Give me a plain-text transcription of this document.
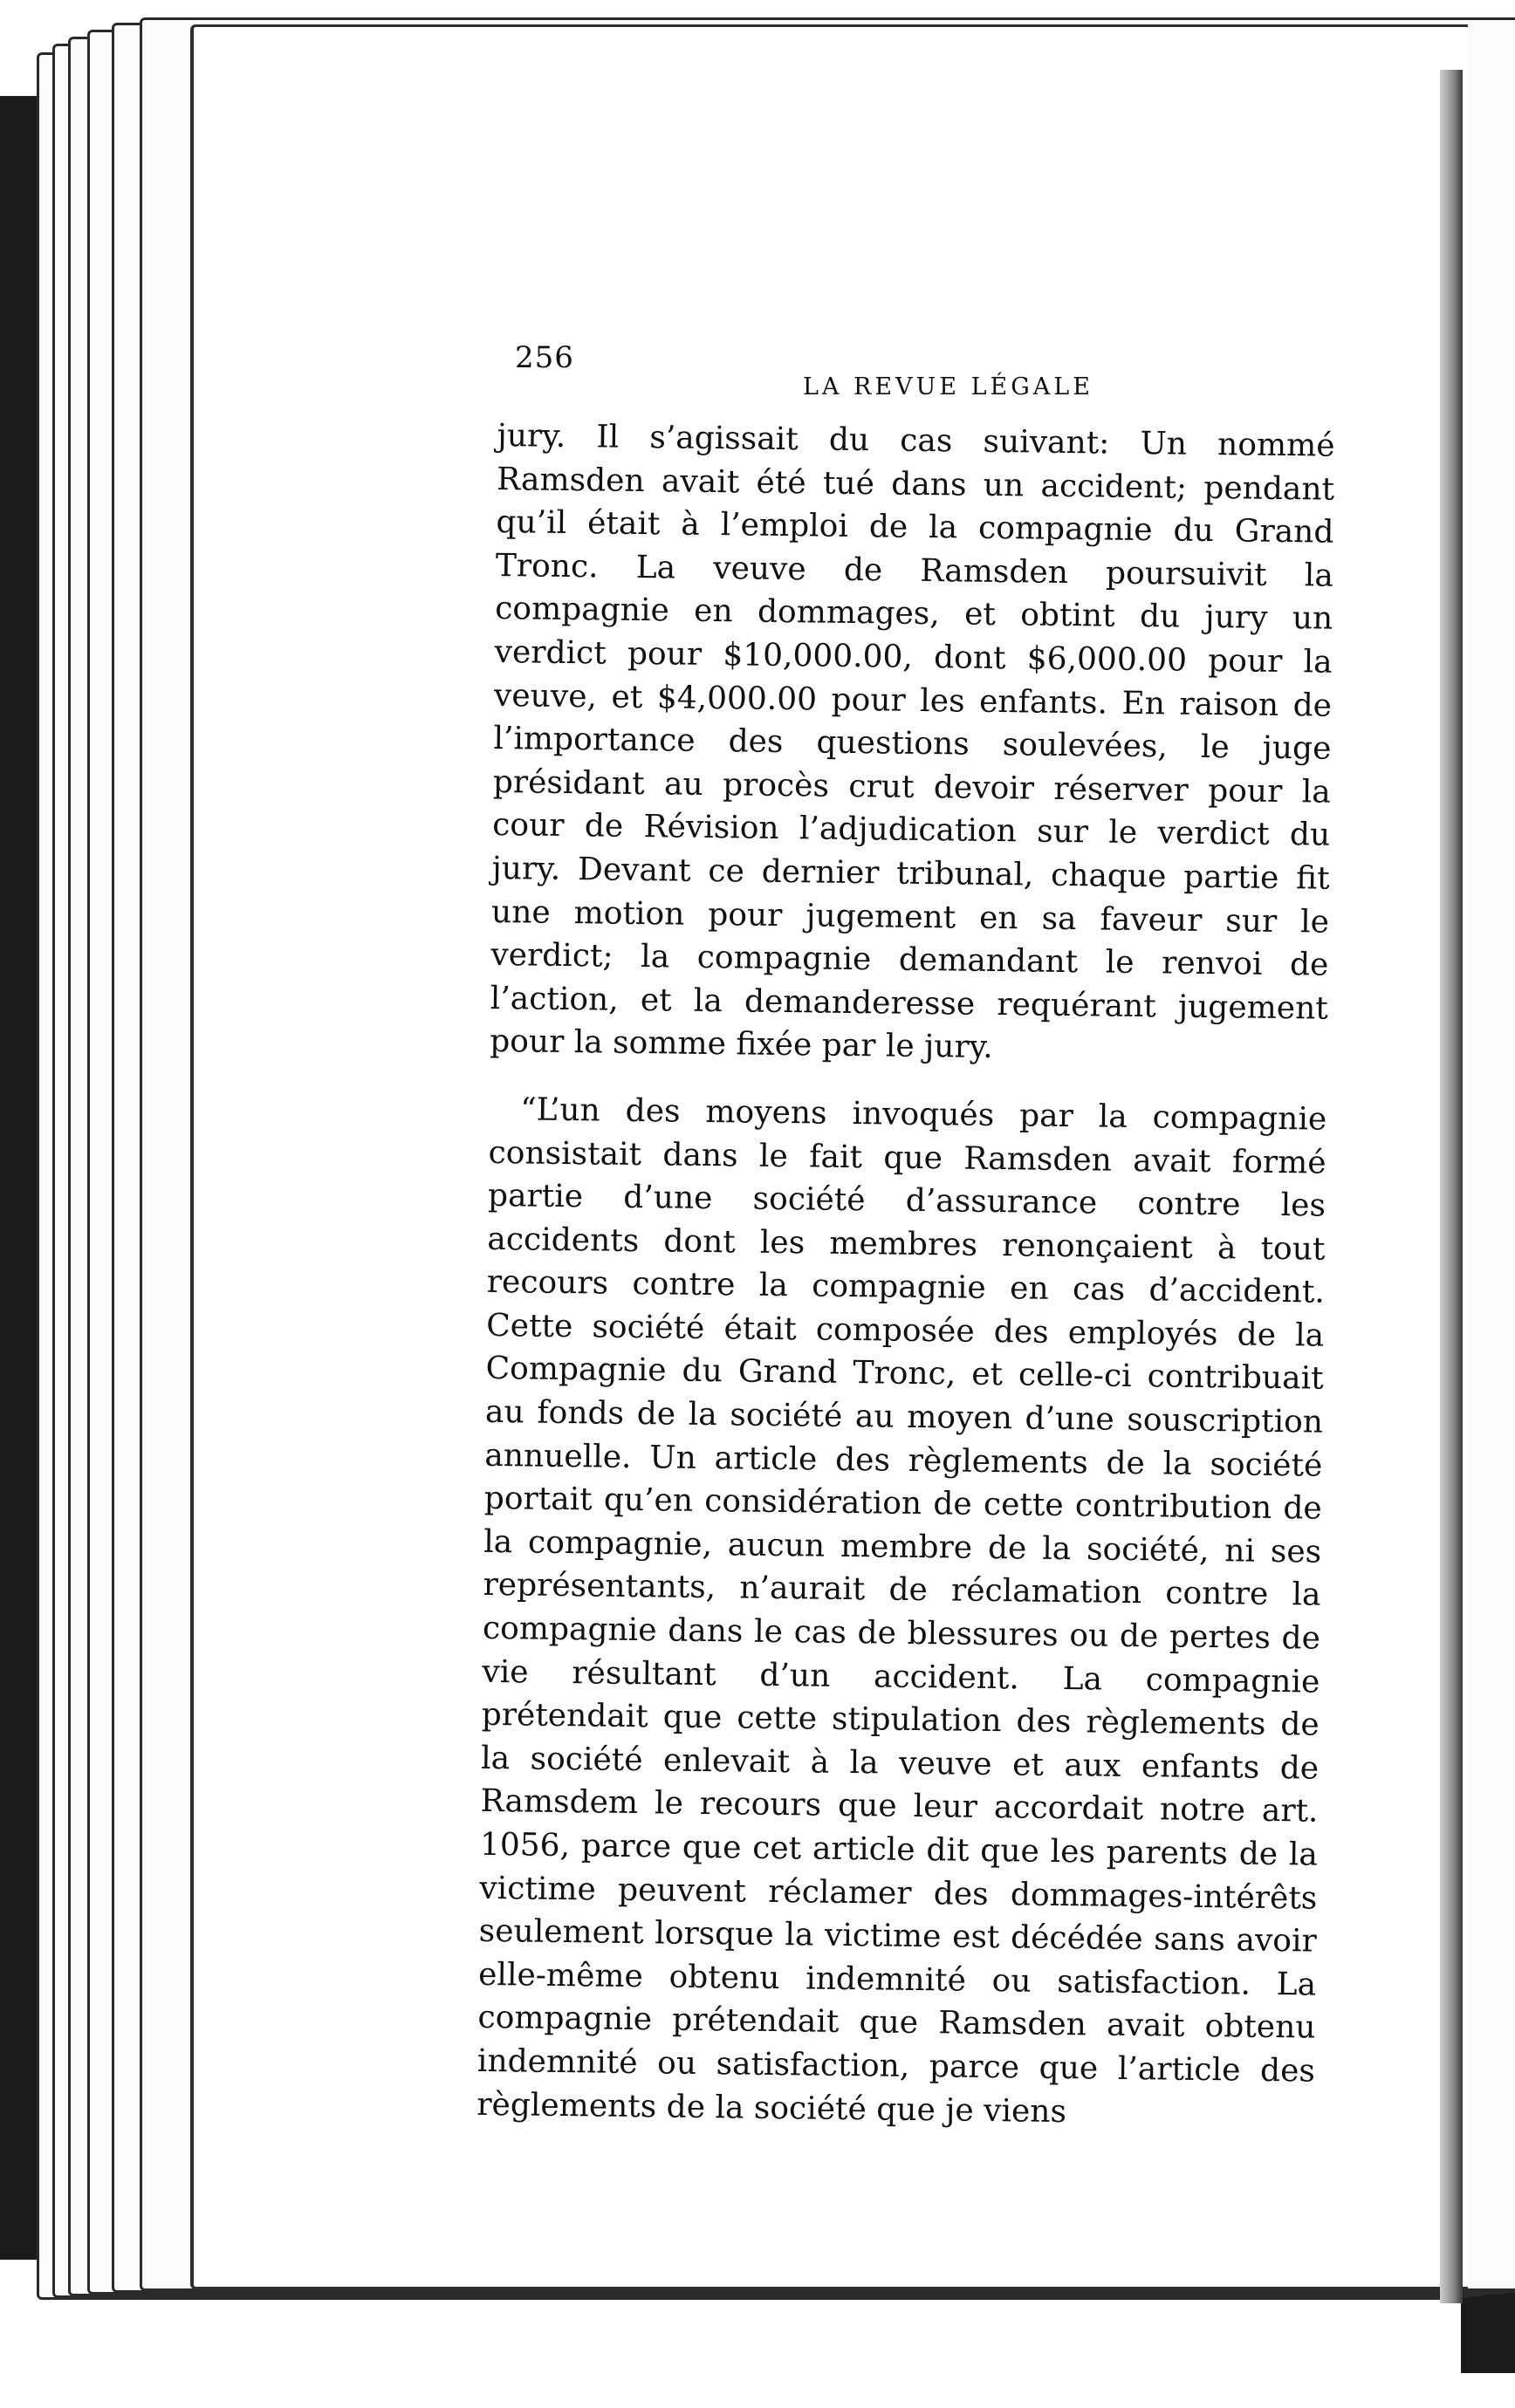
256
LA REVUE LÉGALE

jury. Il s’agissait du cas suivant: Un nommé Ramsden avait été tué dans un accident; pendant qu’il était à l’emploi de la compagnie du Grand Tronc. La veuve de Ramsden poursuivit la compagnie en dommages, et obtint du jury un verdict pour $10,000.00, dont $6,000.00 pour la veuve, et $4,000.00 pour les enfants. En raison de l’importance des questions soulevées, le juge présidant au procès crut devoir réserver pour la cour de Révision l’adjudication sur le verdict du jury. Devant ce dernier tribunal, chaque partie fit une motion pour jugement en sa faveur sur le verdict; la compagnie demandant le renvoi de l’action, et la demanderesse requérant jugement pour la somme fixée par le jury.

“L’un des moyens invoqués par la compagnie consistait dans le fait que Ramsden avait formé partie d’une société d’assurance contre les accidents dont les membres renonçaient à tout recours contre la compagnie en cas d’accident. Cette société était composée des employés de la Compagnie du Grand Tronc, et celle-ci contribuait au fonds de la société au moyen d’une souscription annuelle. Un article des règlements de la société portait qu’en considération de cette contribution de la compagnie, aucun membre de la société, ni ses représentants, n’aurait de réclamation contre la compagnie dans le cas de blessures ou de pertes de vie résultant d’un accident. La compagnie prétendait que cette stipulation des règlements de la société enlevait à la veuve et aux enfants de Ramsdem le recours que leur accordait notre art. 1056, parce que cet article dit que les parents de la victime peuvent réclamer des dommages-intérêts seulement lorsque la victime est décédée sans avoir elle-même obtenu indemnité ou satisfaction. La compagnie prétendait que Ramsden avait obtenu indemnité ou satisfaction, parce que l’article des règlements de la société que je viens
